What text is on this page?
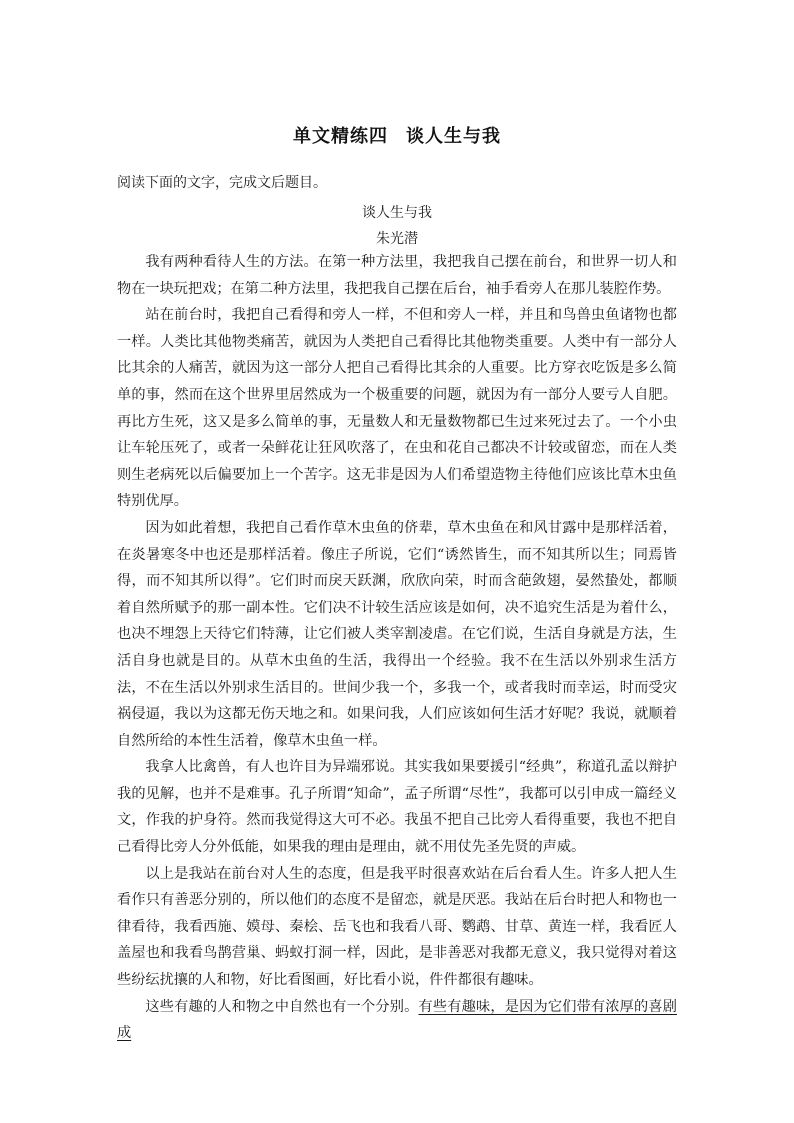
单文精练四 谈人生与我
阅读下面的文字，完成文后题目。
谈人生与我
朱光潜

我有两种看待人生的方法。在第一种方法里，我把我自己摆在前台，和世界一切人和物在一块玩把戏；在第二种方法里，我把我自己摆在后台，袖手看旁人在那儿装腔作势。

站在前台时，我把自己看得和旁人一样，不但和旁人一样，并且和鸟兽虫鱼诸物也都一样。人类比其他物类痛苦，就因为人类把自己看得比其他物类重要。人类中有一部分人比其余的人痛苦，就因为这一部分人把自己看得比其余的人重要。比方穿衣吃饭是多么简单的事，然而在这个世界里居然成为一个极重要的问题，就因为有一部分人要亏人自肥。再比方生死，这又是多么简单的事，无量数人和无量数物都已生过来死过去了。一个小虫让车轮压死了，或者一朵鲜花让狂风吹落了，在虫和花自己都决不计较或留恋，而在人类则生老病死以后偏要加上一个苦字。这无非是因为人们希望造物主待他们应该比草木虫鱼特别优厚。

因为如此着想，我把自己看作草木虫鱼的侪辈，草木虫鱼在和风甘露中是那样活着，在炎暑寒冬中也还是那样活着。像庄子所说，它们“诱然皆生，而不知其所以生；同焉皆得，而不知其所以得”。它们时而戾天跃渊，欣欣向荣，时而含葩敛翅，晏然蛰处，都顺着自然所赋予的那一副本性。它们决不计较生活应该是如何，决不追究生活是为着什么，也决不埋怨上天待它们特薄，让它们被人类宰割凌虐。在它们说，生活自身就是方法，生活自身也就是目的。从草木虫鱼的生活，我得出一个经验。我不在生活以外别求生活方法，不在生活以外别求生活目的。世间少我一个，多我一个，或者我时而幸运，时而受灾祸侵逼，我以为这都无伤天地之和。如果问我，人们应该如何生活才好呢？我说，就顺着自然所给的本性生活着，像草木虫鱼一样。

我拿人比禽兽，有人也许目为异端邪说。其实我如果要援引“经典”，称道孔孟以辩护我的见解，也并不是难事。孔子所谓“知命”，孟子所谓“尽性”，我都可以引申成一篇经义文，作我的护身符。然而我觉得这大可不必。我虽不把自己比旁人看得重要，我也不把自己看得比旁人分外低能，如果我的理由是理由，就不用仗先圣先贤的声威。

以上是我站在前台对人生的态度，但是我平时很喜欢站在后台看人生。许多人把人生看作只有善恶分别的，所以他们的态度不是留恋，就是厌恶。我站在后台时把人和物也一律看待，我看西施、嫫母、秦桧、岳飞也和我看八哥、鹦鹉、甘草、黄连一样，我看匠人盖屋也和我看鸟鹊营巢、蚂蚁打洞一样，因此，是非善恶对我都无意义，我只觉得对着这些纷纭扰攘的人和物，好比看图画，好比看小说，件件都很有趣味。

这些有趣的人和物之中自然也有一个分别。有些有趣味，是因为它们带有浓厚的喜剧成
